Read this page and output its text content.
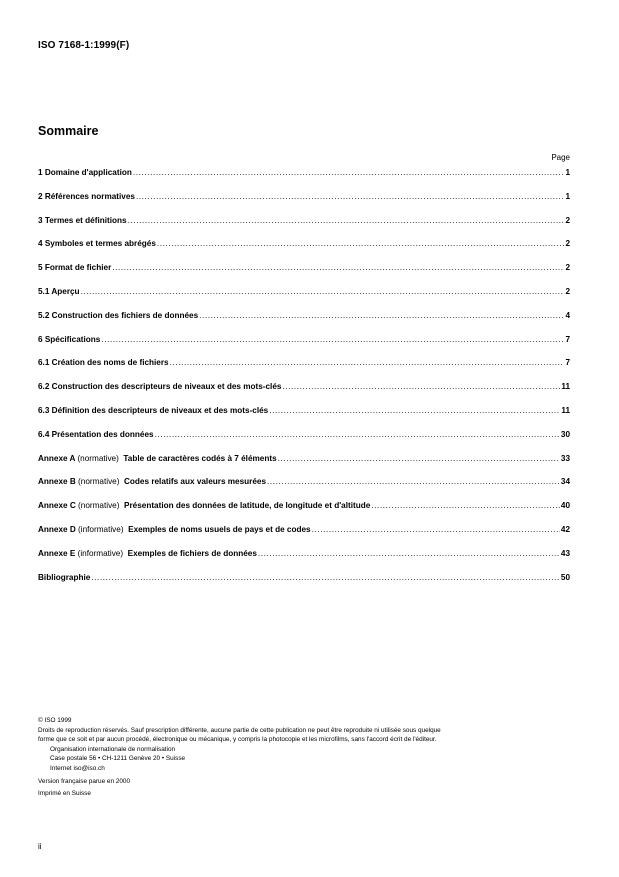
ISO 7168-1:1999(F)
Sommaire
Page
1 Domaine d'application .....	1
2 Références normatives .....	1
3 Termes et définitions .....	2
4 Symboles et termes abrégés .....	2
5 Format de fichier .....	2
5.1 Aperçu .....	2
5.2 Construction des fichiers de données .....	4
6 Spécifications .....	7
6.1 Création des noms de fichiers .....	7
6.2 Construction des descripteurs de niveaux et des mots-clés .....	11
6.3 Définition des descripteurs de niveaux et des mots-clés .....	11
6.4 Présentation des données .....	30
Annexe A (normative) Table de caractères codés à 7 éléments .....	33
Annexe B (normative) Codes relatifs aux valeurs mesurées .....	34
Annexe C (normative) Présentation des données de latitude, de longitude et d'altitude .....	40
Annexe D (informative) Exemples de noms usuels de pays et de codes .....	42
Annexe E (informative) Exemples de fichiers de données .....	43
Bibliographie .....	50

© ISO 1999

Droits de reproduction réservés. Sauf prescription différente, aucune partie de cette publication ne peut être reproduite ni utilisée sous quelque

forme que ce soit et par aucun procédé, électronique ou mécanique, y compris la photocopie et les microfilms, sans l'accord écrit de l'éditeur.

Organisation internationale de normalisation

Case postale 56 • CH-1211 Genève 20 • Suisse

Internet iso@iso.ch

Version française parue en 2000

Imprimé en Suisse

ii
